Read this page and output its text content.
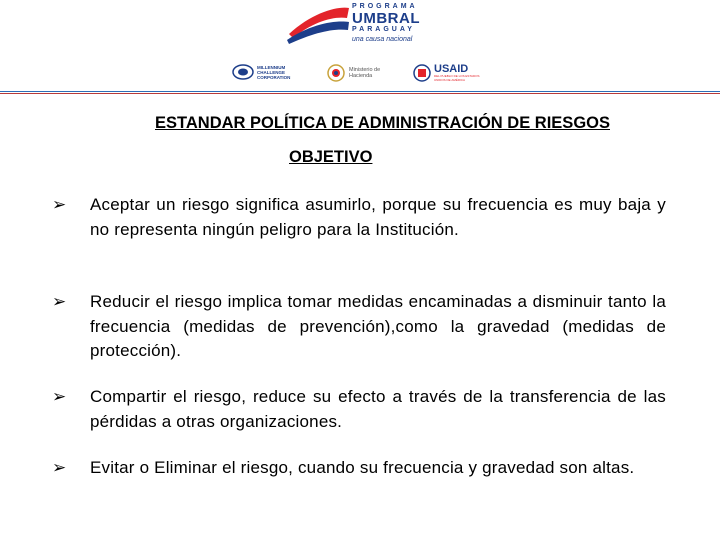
PROGRAMA
UMBRAL
PARAGUAY
una causa nacional
MILLENNIUM CHALLENGE CORPORATION
Ministerio de Hacienda
USAID
DEL PUEBLO DE LOS ESTADOS UNIDOS DE AMÉRICA
ESTANDAR POLÍTICA DE ADMINISTRACIÓN DE RIESGOS
OBJETIVO
➢	Aceptar un riesgo significa asumirlo, porque su frecuencia es muy baja y no representa ningún peligro para la Institución.
➢	Reducir el riesgo implica tomar medidas encaminadas a disminuir tanto la frecuencia (medidas de prevención),como la gravedad (medidas de protección).
➢	Compartir el riesgo, reduce su efecto a través de la transferencia de las pérdidas a otras organizaciones.
➢	Evitar o Eliminar el riesgo, cuando su frecuencia y gravedad son altas.
